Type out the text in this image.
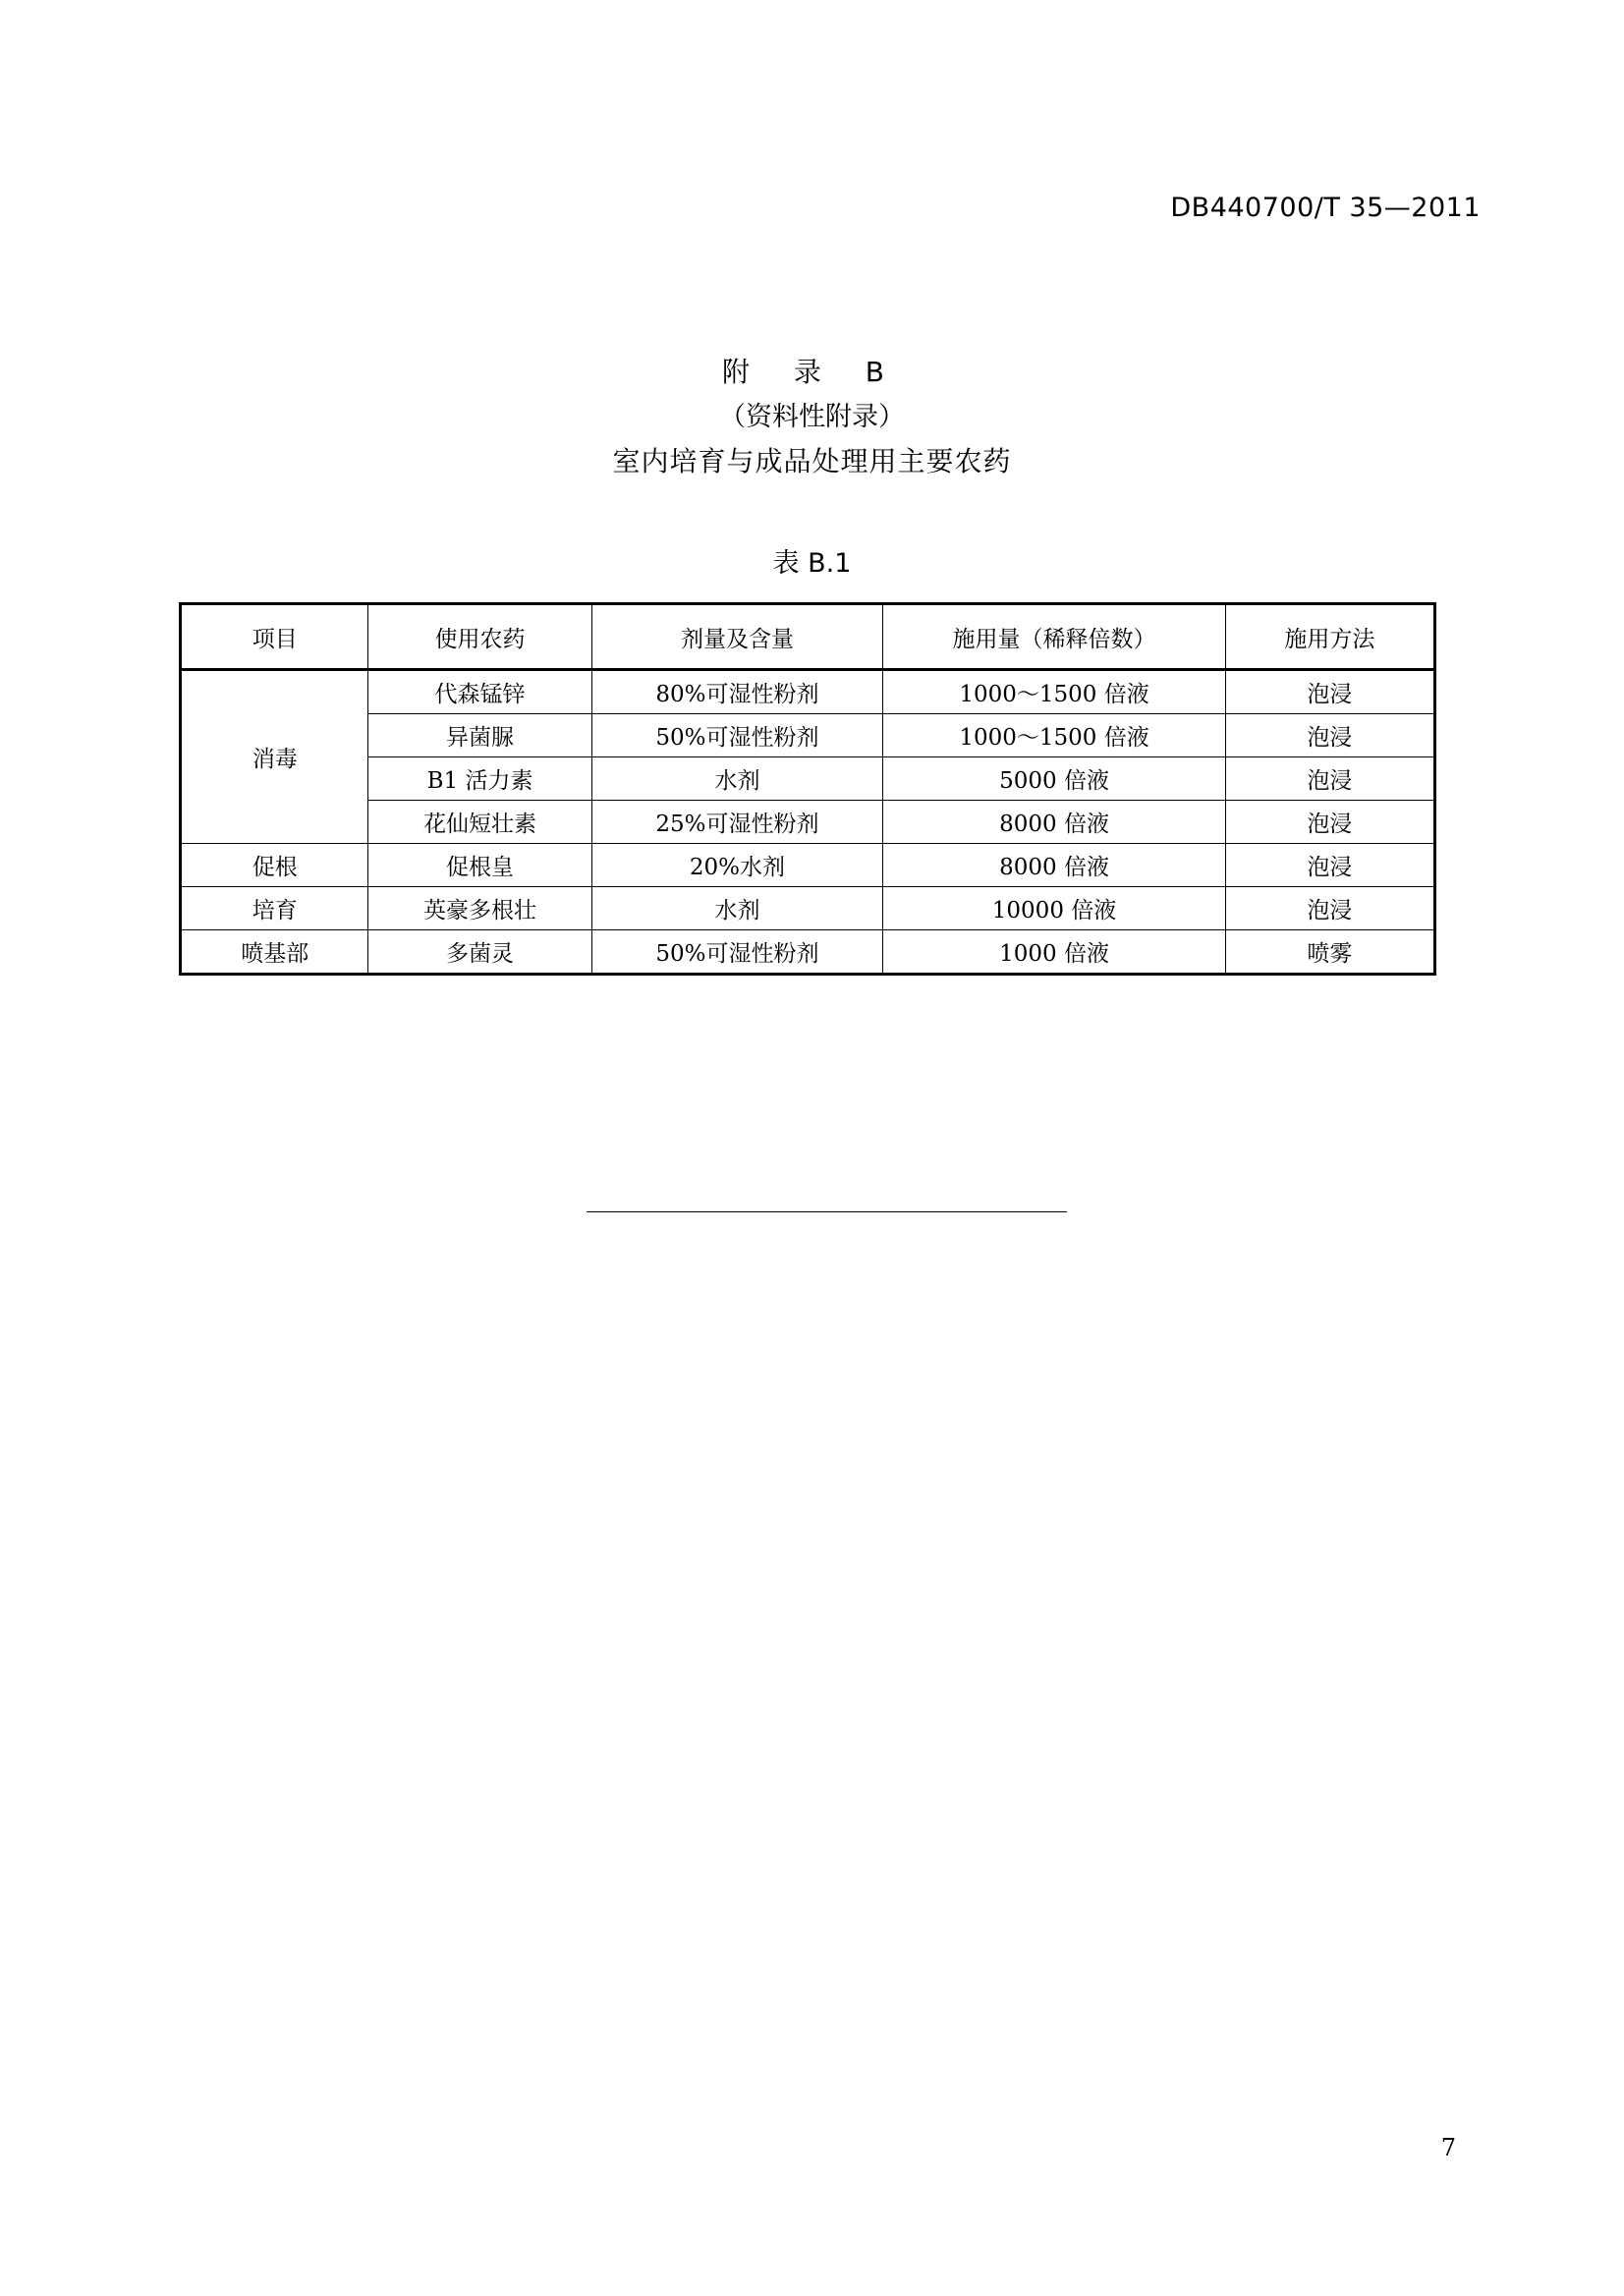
DB440700/T 35—2011
附 录 B
（资料性附录）
室内培育与成品处理用主要农药
表 B.1
项目	使用农药	剂量及含量	施用量（稀释倍数）	施用方法
消毒	代森锰锌	80%可湿性粉剂	1000～1500 倍液	泡浸
	异菌脲	50%可湿性粉剂	1000～1500 倍液	泡浸
	B1 活力素	水剂	5000 倍液	泡浸
	花仙短壮素	25%可湿性粉剂	8000 倍液	泡浸
促根	促根皇	20%水剂	8000 倍液	泡浸
培育	英豪多根壮	水剂	10000 倍液	泡浸
喷基部	多菌灵	50%可湿性粉剂	1000 倍液	喷雾
7
